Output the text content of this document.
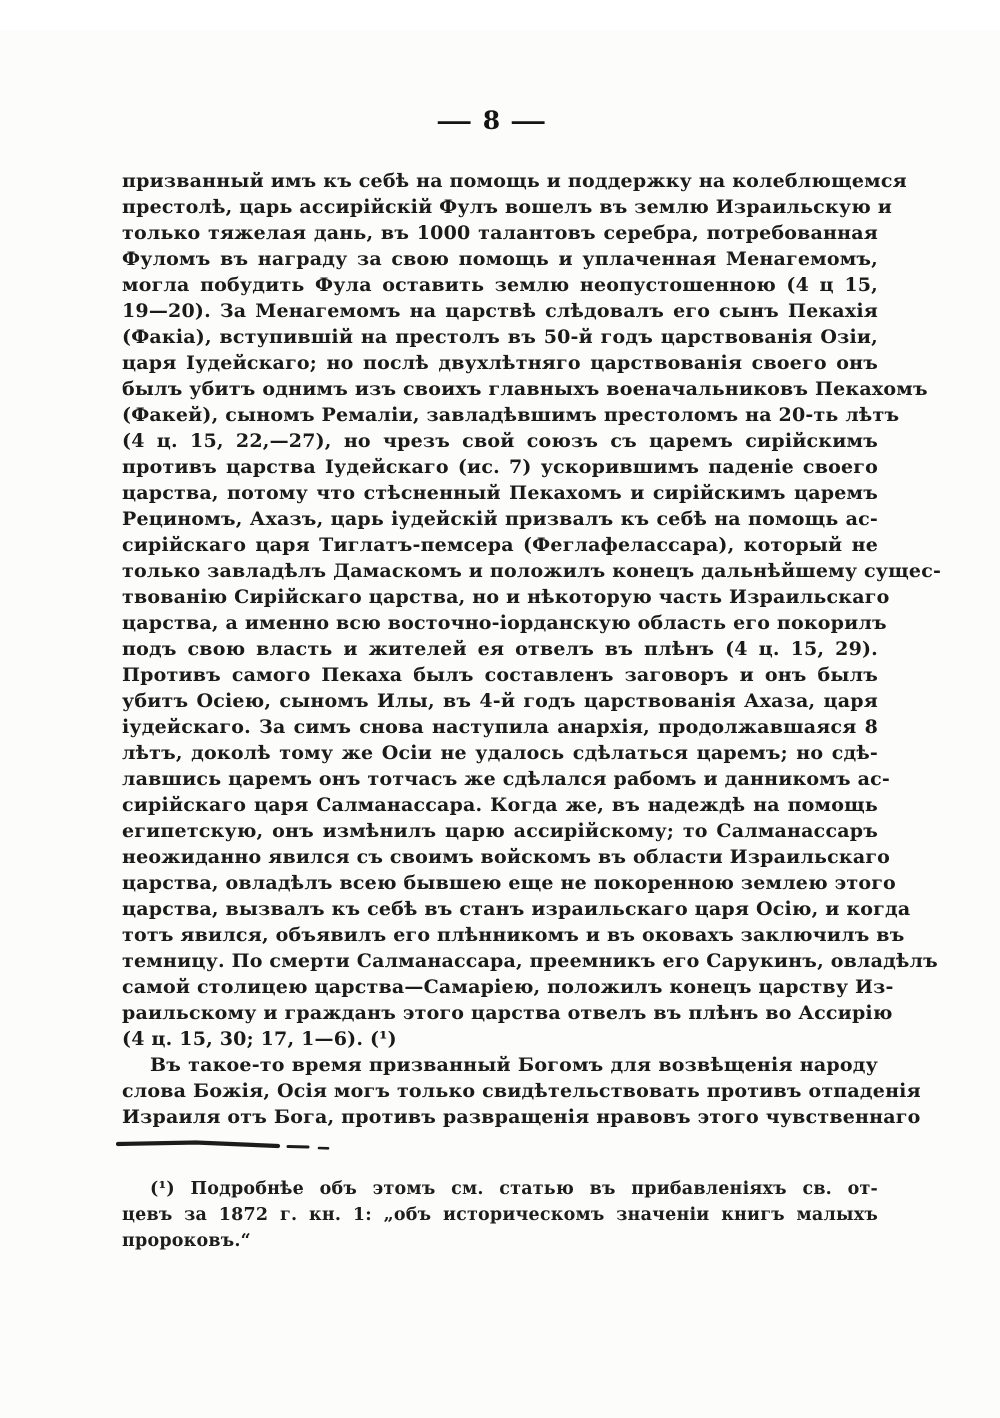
— 8 —
призванный имъ къ себѣ на помощь и поддержку на колеблющемся
престолѣ, царь ассирійскій Фулъ вошелъ въ землю Израильскую и
только тяжелая дань, въ 1000 талантовъ серебра, потребованная
Фуломъ въ награду за свою помощь и уплаченная Менагемомъ,
могла побудить Фула оставить землю неопустошенною (4 ц 15,
19—20). За Менагемомъ на царствѣ слѣдовалъ его сынъ Пекахія
(Факіа), вступившій на престолъ въ 50-й годъ царствованія Озіи,
царя Іудейскаго; но послѣ двухлѣтняго царствованія своего онъ
былъ убитъ однимъ изъ своихъ главныхъ военачальниковъ Пекахомъ
(Факей), сыномъ Ремаліи, завладѣвшимъ престоломъ на 20-ть лѣтъ
(4 ц. 15, 22,—27), но чрезъ свой союзъ съ царемъ сирійскимъ
противъ царства Іудейскаго (ис. 7) ускорившимъ паденіе своего
царства, потому что стѣсненный Пекахомъ и сирійскимъ царемъ
Рециномъ, Ахазъ, царь іудейскій призвалъ къ себѣ на помощь ас-
сирійскаго царя Тиглатъ-пемсера (Феглафелассара), который не
только завладѣлъ Дамаскомъ и положилъ конецъ дальнѣйшему сущес-
твованію Сирійскаго царства, но и нѣкоторую часть Израильскаго
царства, а именно всю восточно-іорданскую область его покорилъ
подъ свою власть и жителей ея отвелъ въ плѣнъ (4 ц. 15, 29).
Противъ самого Пекаха былъ составленъ заговоръ и онъ былъ
убитъ Осіею, сыномъ Илы, въ 4-й годъ царствованія Ахаза, царя
іудейскаго. За симъ снова наступила анархія, продолжавшаяся 8
лѣтъ, доколѣ тому же Осіи не удалось сдѣлаться царемъ; но сдѣ-
лавшись царемъ онъ тотчасъ же сдѣлался рабомъ и данникомъ ас-
сирійскаго царя Салманассара. Когда же, въ надеждѣ на помощь
египетскую, онъ измѣнилъ царю ассирійскому; то Салманассаръ
неожиданно явился съ своимъ войскомъ въ области Израильскаго
царства, овладѣлъ всею бывшею еще не покоренною землею этого
царства, вызвалъ къ себѣ въ станъ израильскаго царя Осію, и когда
тотъ явился, объявилъ его плѣнникомъ и въ оковахъ заключилъ въ
темницу. По смерти Салманассара, преемникъ его Сарукинъ, овладѣлъ
самой столицею царства—Самаріею, положилъ конецъ царству Из-
раильскому и гражданъ этого царства отвелъ въ плѣнъ во Ассирію
(4 ц. 15, 30; 17, 1—6). (¹)
Въ такое-то время призванный Богомъ для возвѣщенія народу
слова Божія, Осія могъ только свидѣтельствовать противъ отпаденія
Израиля отъ Бога, противъ развращенія нравовъ этого чувственнаго
(¹) Подробнѣе объ этомъ см. статью въ прибавленіяхъ св. от-
цевъ за 1872 г. кн. 1: „объ историческомъ значеніи книгъ малыхъ
пророковъ.“
